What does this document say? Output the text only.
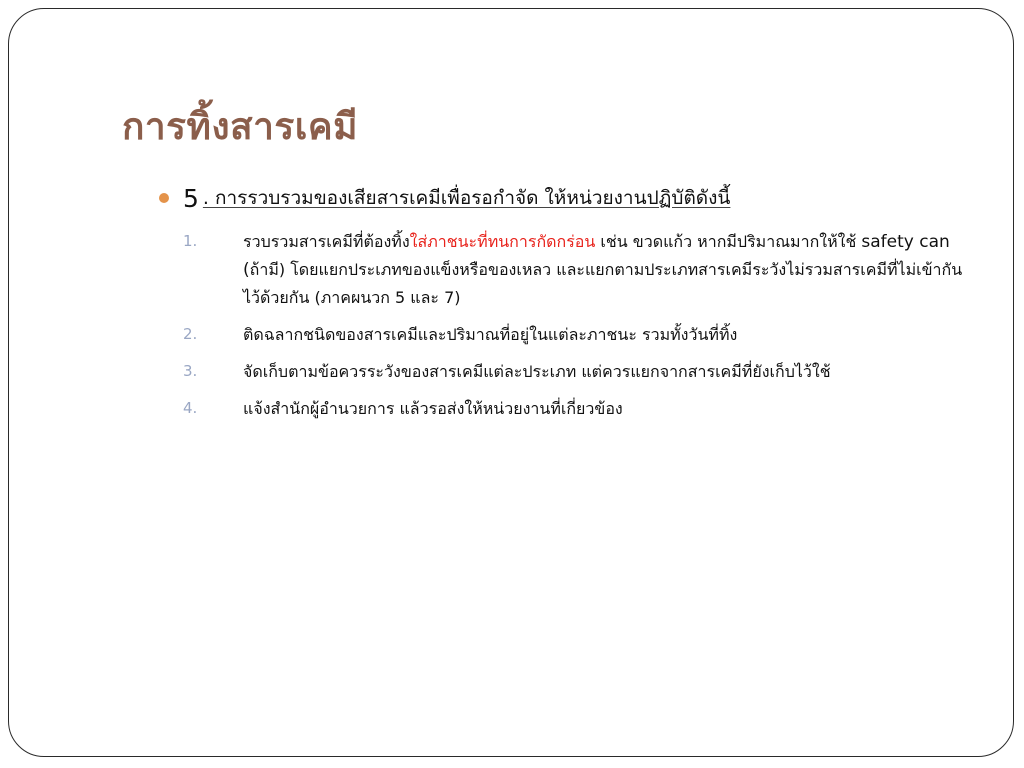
การทิ้งสารเคมี
5 . การรวบรวมของเสียสารเคมีเพื่อรอกำจัด ให้หน่วยงานปฏิบัติดังนี้
1.	รวบรวมสารเคมีที่ต้องทิ้งใส่ภาชนะที่ทนการกัดกร่อน เช่น ขวดแก้ว หากมีปริมาณมากให้ใช้ safety can (ถ้ามี) โดยแยกประเภทของแข็งหรือของเหลว และแยกตามประเภทสารเคมีระวังไม่รวมสารเคมีที่ไม่เข้ากันไว้ด้วยกัน (ภาคผนวก 5 และ 7)
2.	ติดฉลากชนิดของสารเคมีและปริมาณที่อยู่ในแต่ละภาชนะ รวมทั้งวันที่ทิ้ง
3.	จัดเก็บตามข้อควรระวังของสารเคมีแต่ละประเภท แต่ควรแยกจากสารเคมีที่ยังเก็บไว้ใช้
4.	แจ้งสำนักผู้อำนวยการ แล้วรอส่งให้หน่วยงานที่เกี่ยวข้อง
